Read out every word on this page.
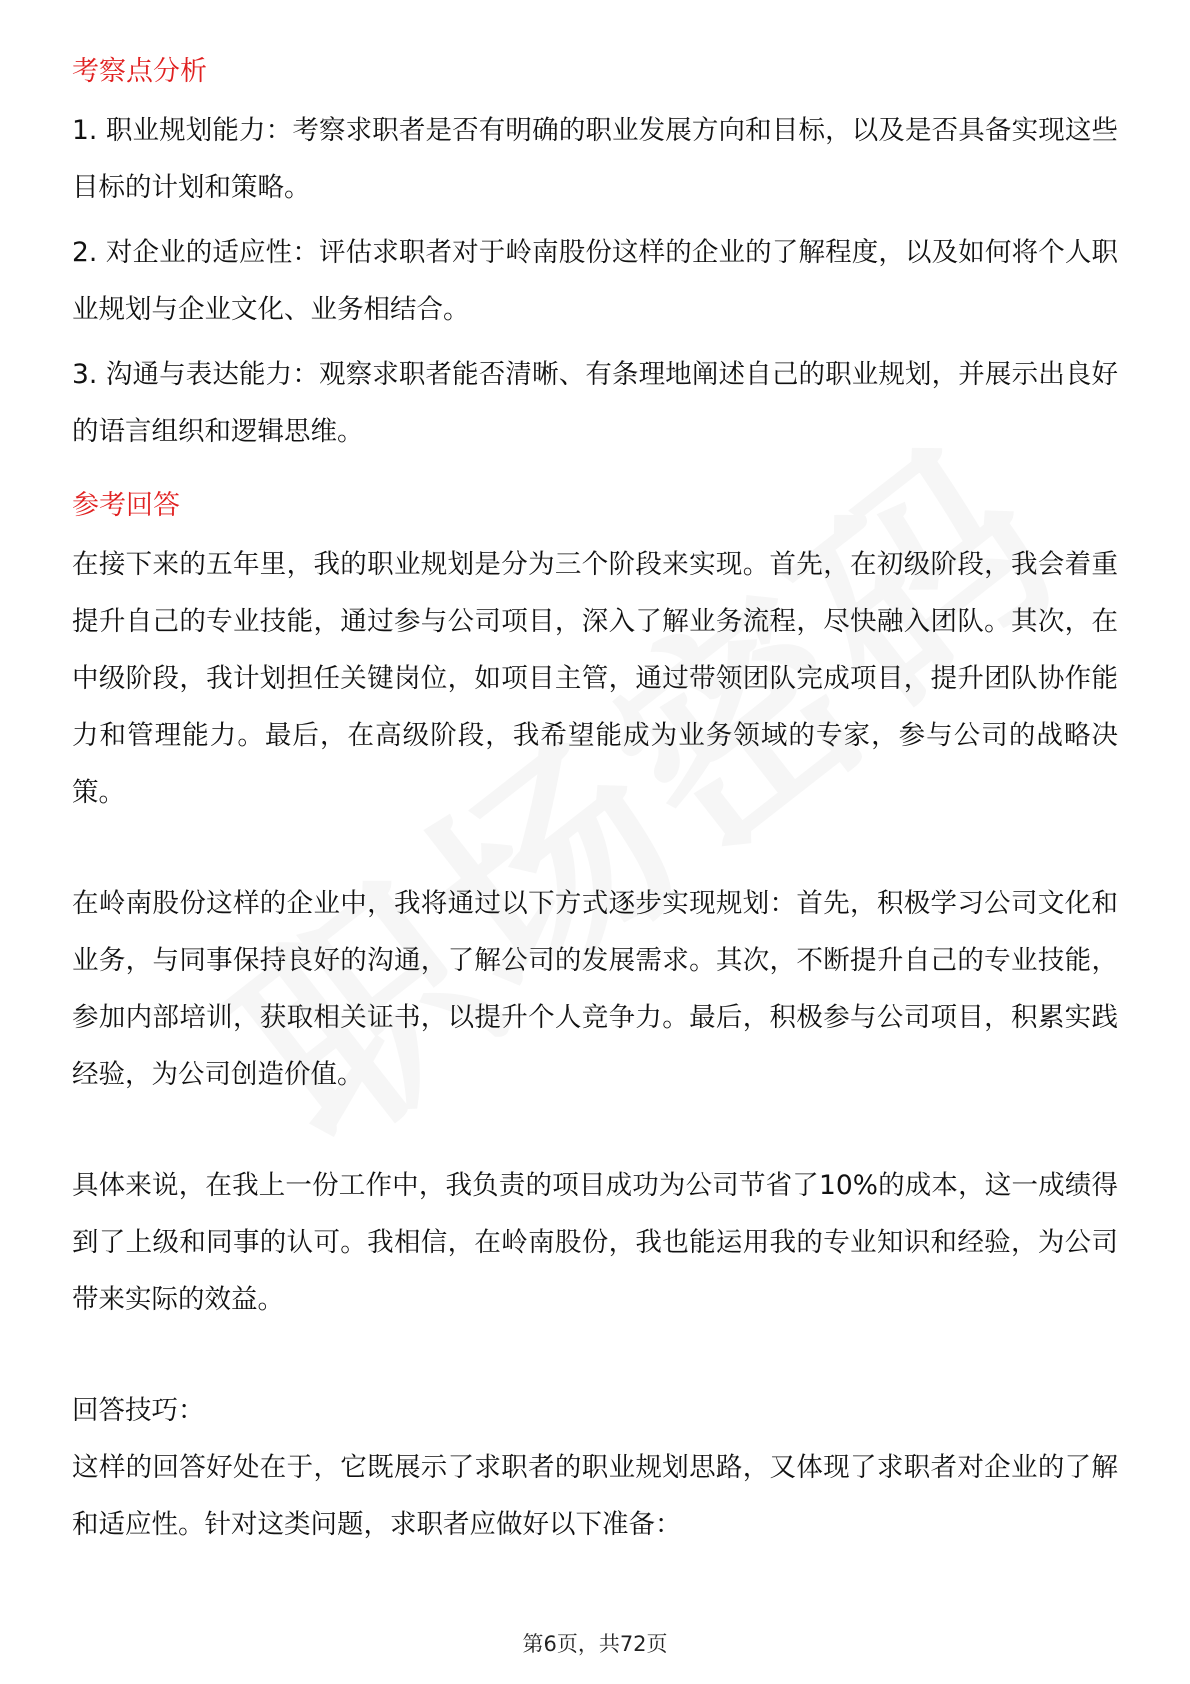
考察点分析

1. 职业规划能力：考察求职者是否有明确的职业发展方向和目标，以及是否具备实现这些目标的计划和策略。

2. 对企业的适应性：评估求职者对于岭南股份这样的企业的了解程度，以及如何将个人职业规划与企业文化、业务相结合。

3. 沟通与表达能力：观察求职者能否清晰、有条理地阐述自己的职业规划，并展示出良好的语言组织和逻辑思维。

参考回答

在接下来的五年里，我的职业规划是分为三个阶段来实现。首先，在初级阶段，我会着重提升自己的专业技能，通过参与公司项目，深入了解业务流程，尽快融入团队。其次，在中级阶段，我计划担任关键岗位，如项目主管，通过带领团队完成项目，提升团队协作能力和管理能力。最后，在高级阶段，我希望能成为业务领域的专家，参与公司的战略决策。

在岭南股份这样的企业中，我将通过以下方式逐步实现规划：首先，积极学习公司文化和业务，与同事保持良好的沟通，了解公司的发展需求。其次，不断提升自己的专业技能，参加内部培训，获取相关证书，以提升个人竞争力。最后，积极参与公司项目，积累实践经验，为公司创造价值。

具体来说，在我上一份工作中，我负责的项目成功为公司节省了10%的成本，这一成绩得到了上级和同事的认可。我相信，在岭南股份，我也能运用我的专业知识和经验，为公司带来实际的效益。

回答技巧：

这样的回答好处在于，它既展示了求职者的职业规划思路，又体现了求职者对企业的了解和适应性。针对这类问题，求职者应做好以下准备：

第6页，共72页
